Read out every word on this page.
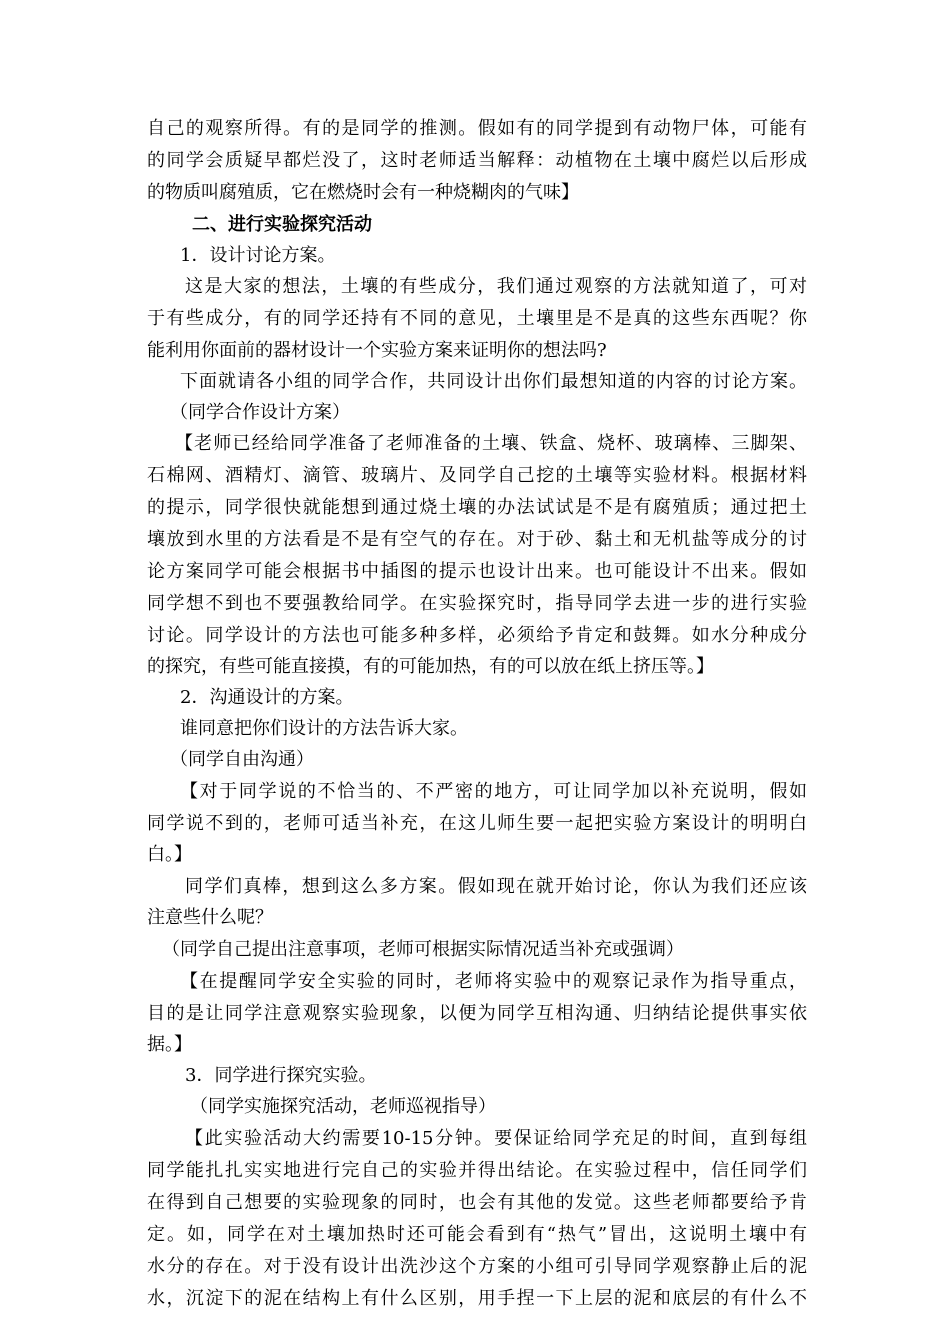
自己的观察所得。有的是同学的推测。假如有的同学提到有动物尸体，可能有
的同学会质疑早都烂没了，这时老师适当解释：动植物在土壤中腐烂以后形成
的物质叫腐殖质，它在燃烧时会有一种烧糊肉的气味】
二、进行实验探究活动
1．设计讨论方案。
这是大家的想法，土壤的有些成分，我们通过观察的方法就知道了，可对
于有些成分，有的同学还持有不同的意见，土壤里是不是真的这些东西呢？你
能利用你面前的器材设计一个实验方案来证明你的想法吗?
下面就请各小组的同学合作，共同设计出你们最想知道的内容的讨论方案。
（同学合作设计方案）
【老师已经给同学准备了老师准备的土壤、铁盒、烧杯、玻璃棒、三脚架、
石棉网、酒精灯、滴管、玻璃片、及同学自己挖的土壤等实验材料。根据材料
的提示，同学很快就能想到通过烧土壤的办法试试是不是有腐殖质；通过把土
壤放到水里的方法看是不是有空气的存在。对于砂、黏土和无机盐等成分的讨
论方案同学可能会根据书中插图的提示也设计出来。也可能设计不出来。假如
同学想不到也不要强教给同学。在实验探究时，指导同学去进一步的进行实验
讨论。同学设计的方法也可能多种多样，必须给予肯定和鼓舞。如水分种成分
的探究，有些可能直接摸，有的可能加热，有的可以放在纸上挤压等。】
2．沟通设计的方案。
谁同意把你们设计的方法告诉大家。
（同学自由沟通）
【对于同学说的不恰当的、不严密的地方，可让同学加以补充说明，假如
同学说不到的，老师可适当补充，在这儿师生要一起把实验方案设计的明明白
白。】
同学们真棒，想到这么多方案。假如现在就开始讨论，你认为我们还应该
注意些什么呢？
（同学自己提出注意事项，老师可根据实际情况适当补充或强调）
【在提醒同学安全实验的同时，老师将实验中的观察记录作为指导重点，
目的是让同学注意观察实验现象，以便为同学互相沟通、归纳结论提供事实依
据。】
3．同学进行探究实验。
（同学实施探究活动，老师巡视指导）
【此实验活动大约需要10-15分钟。要保证给同学充足的时间，直到每组
同学能扎扎实实地进行完自己的实验并得出结论。在实验过程中，信任同学们
在得到自己想要的实验现象的同时，也会有其他的发觉。这些老师都要给予肯
定。如，同学在对土壤加热时还可能会看到有“热气”冒出，这说明土壤中有
水分的存在。对于没有设计出洗沙这个方案的小组可引导同学观察静止后的泥
水，沉淀下的泥在结构上有什么区别，用手捏一下上层的泥和底层的有什么不
